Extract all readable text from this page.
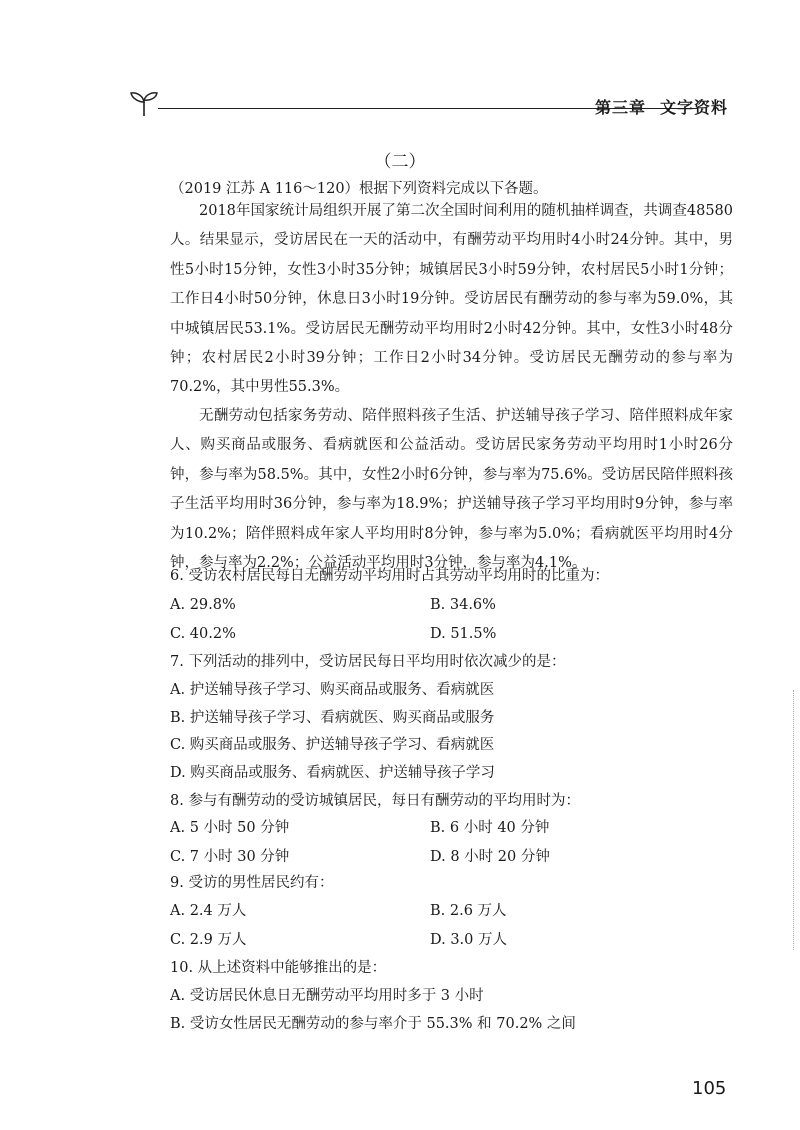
第三章 文字资料
（二）
（2019 江苏 A 116～120）根据下列资料完成以下各题。

2018年国家统计局组织开展了第二次全国时间利用的随机抽样调查，共调查48580人。结果显示，受访居民在一天的活动中，有酬劳动平均用时4小时24分钟。其中，男性5小时15分钟，女性3小时35分钟；城镇居民3小时59分钟，农村居民5小时1分钟；工作日4小时50分钟，休息日3小时19分钟。受访居民有酬劳动的参与率为59.0%，其中城镇居民53.1%。受访居民无酬劳动平均用时2小时42分钟。其中，女性3小时48分钟；农村居民2小时39分钟；工作日2小时34分钟。受访居民无酬劳动的参与率为70.2%，其中男性55.3%。

无酬劳动包括家务劳动、陪伴照料孩子生活、护送辅导孩子学习、陪伴照料成年家人、购买商品或服务、看病就医和公益活动。受访居民家务劳动平均用时1小时26分钟，参与率为58.5%。其中，女性2小时6分钟，参与率为75.6%。受访居民陪伴照料孩子生活平均用时36分钟，参与率为18.9%；护送辅导孩子学习平均用时9分钟，参与率为10.2%；陪伴照料成年家人平均用时8分钟，参与率为5.0%；看病就医平均用时4分钟，参与率为2.2%；公益活动平均用时3分钟，参与率为4.1%。

6. 受访农村居民每日无酬劳动平均用时占其劳动平均用时的比重为：
A. 29.8%	B. 34.6%
C. 40.2%	D. 51.5%
7. 下列活动的排列中，受访居民每日平均用时依次减少的是：
A. 护送辅导孩子学习、购买商品或服务、看病就医
B. 护送辅导孩子学习、看病就医、购买商品或服务
C. 购买商品或服务、护送辅导孩子学习、看病就医
D. 购买商品或服务、看病就医、护送辅导孩子学习
8. 参与有酬劳动的受访城镇居民，每日有酬劳动的平均用时为：
A. 5 小时 50 分钟	B. 6 小时 40 分钟
C. 7 小时 30 分钟	D. 8 小时 20 分钟
9. 受访的男性居民约有：
A. 2.4 万人	B. 2.6 万人
C. 2.9 万人	D. 3.0 万人
10. 从上述资料中能够推出的是：
A. 受访居民休息日无酬劳动平均用时多于 3 小时
B. 受访女性居民无酬劳动的参与率介于 55.3% 和 70.2% 之间
105
